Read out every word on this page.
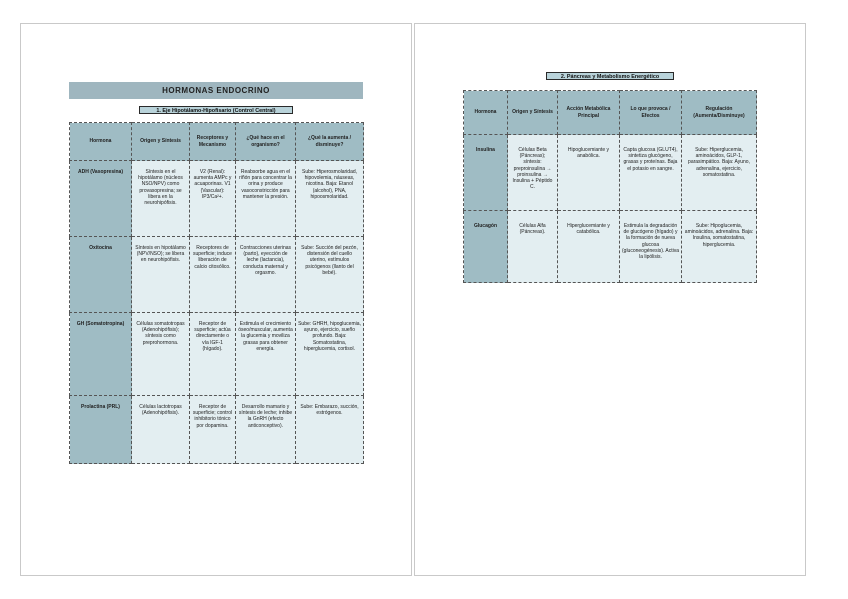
HORMONAS ENDOCRINO
1. Eje Hipotálamo-Hipofisario (Control Central)
Hormona	Origen y Síntesis	Receptores y Mecanismo	¿Qué hace en el organismo?	¿Qué la aumenta / disminuye?
ADH (Vasopresina)	Síntesis en el hipotálamo (núcleos NSO/NPV) como provasopresina; se libera en la neurohipófisis.	V2 (Renal): aumenta AMPc y acuaporinas. V1 (Vascular): IP3/Ca²+.	Reabsorbe agua en el riñón para concentrar la orina y produce vasoconstricción para mantener la presión.	Sube: Hiperosmolaridad, hipovolemia, náuseas, nicotina. Baja: Etanol (alcohol), PNA, hipoosmolaridad.
Oxitocina	Síntesis en hipotálamo (NPV/NSO); se libera en neurohipófisis.	Receptores de superficie; induce liberación de calcio citosólico.	Contracciones uterinas (parto), eyección de leche (lactancia), conducta maternal y orgasmo.	Sube: Succión del pezón, distensión del cuello uterino, estímulos psicógenos (llanto del bebé).
GH (Somatotropina)	Células somatotropas (Adenohipófisis); síntesis como preprohormona.	Receptor de superficie; actúa directamente o vía IGF-1 (hígado).	Estimula el crecimiento óseo/muscular, aumenta la glucemia y moviliza grasas para obtener energía.	Sube: GHRH, hipoglucemia, ayuno, ejercicio, sueño profundo. Baja: Somatostatina, hiperglucemia, cortisol.
Prolactina (PRL)	Células lactotropas (Adenohipófisis).	Receptor de superficie; control inhibitorio tónico por dopamina.	Desarrollo mamario y síntesis de leche; inhibe la GnRH (efecto anticonceptivo).	Sube: Embarazo, succión, estrógenos.
2. Páncreas y Metabolismo Energético
Hormona	Origen y Síntesis	Acción Metabólica Principal	Lo que provoca / Efectos	Regulación (Aumenta/Disminuye)
Insulina	Células Beta (Páncreas); síntesis: preproinsulina → proinsulina → Insulina + Péptido C.	Hipoglucemiante y anabólica.	Capta glucosa (GLUT4), sintetiza glucógeno, grasas y proteínas. Baja el potasio en sangre.	Sube: Hiperglucemia, aminoácidos, GLP-1, parasimpático. Baja: Ayuno, adrenalina, ejercicio, somatostatina.
Glucagón	Células Alfa (Páncreas).	Hiperglucemiante y catabólica.	Estimula la degradación de glucógeno (hígado) y la formación de nueva glucosa (gluconeogénesis). Activa la lipólisis.	Sube: Hipoglucemia, aminoácidos, adrenalina. Baja: Insulina, somatostatina, hiperglucemia.
